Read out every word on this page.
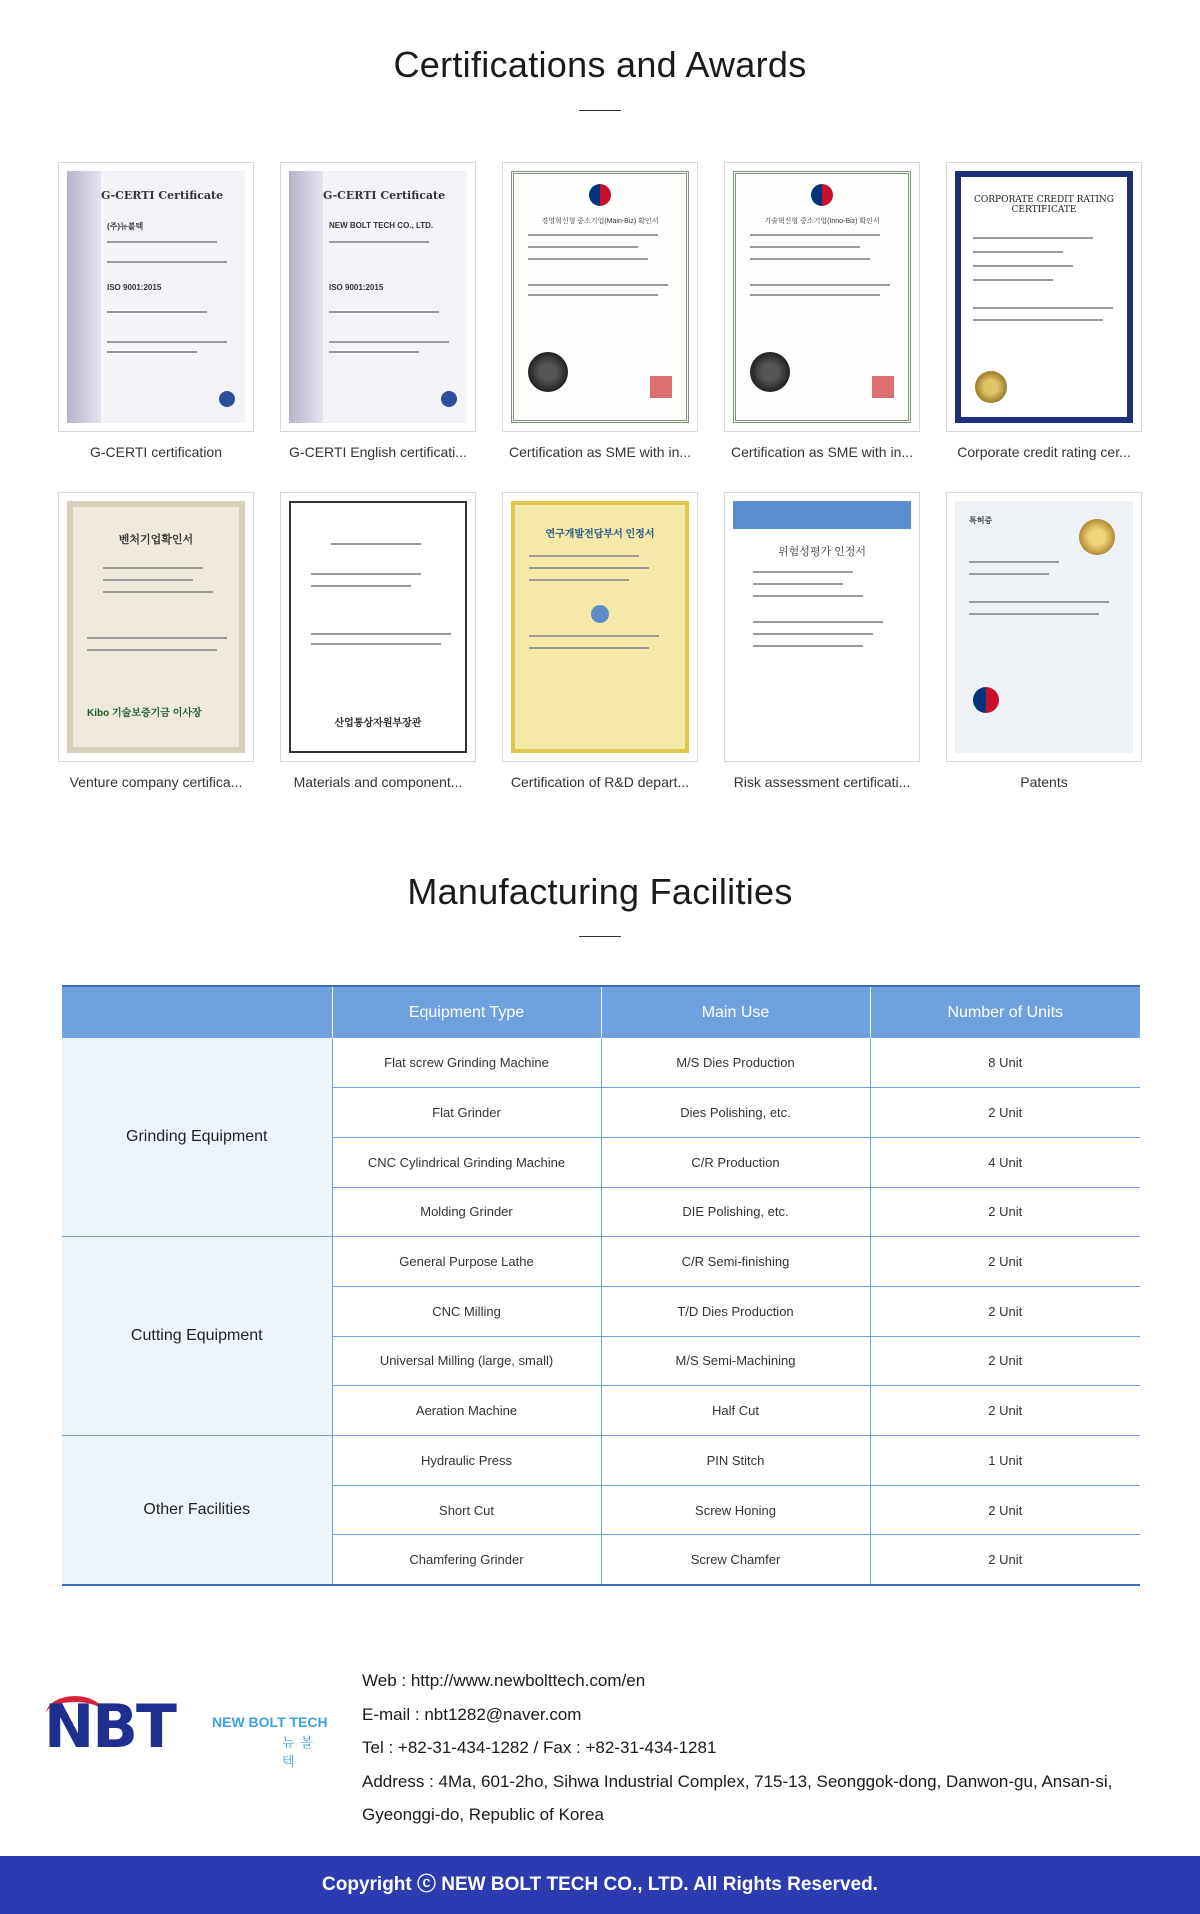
Certifications and Awards
G-CERTI Certificate
(주)뉴볼텍
ISO 9001:2015
G-CERTI certification
G-CERTI Certificate
NEW BOLT TECH CO., LTD.
ISO 9001:2015
G-CERTI English certificati...
경영혁신형 중소기업(Main-Biz) 확인서
Certification as SME with in...
기술혁신형 중소기업(Inno-Biz) 확인서
Certification as SME with in...
CORPORATE CREDIT RATING CERTIFICATE
Corporate credit rating cer...
벤처기업확인서
Kibo 기술보증기금 이사장
Venture company certifica...
산업통상자원부장관
Materials and component...
연구개발전담부서 인정서
Certification of R&D depart...
위험성평가 인정서
Risk assessment certificati...
특허증
Patents
Manufacturing Facilities
	Equipment Type	Main Use	Number of Units
Grinding Equipment	Flat screw Grinding Machine	M/S Dies Production	8 Unit
	Flat Grinder	Dies Polishing, etc.	2 Unit
	CNC Cylindrical Grinding Machine	C/R Production	4 Unit
	Molding Grinder	DIE Polishing, etc.	2 Unit
Cutting Equipment	General Purpose Lathe	C/R Semi-finishing	2 Unit
	CNC Milling	T/D Dies Production	2 Unit
	Universal Milling (large, small)	M/S Semi-Machining	2 Unit
	Aeration Machine	Half Cut	2 Unit
Other Facilities	Hydraulic Press	PIN Stitch	1 Unit
	Short Cut	Screw Honing	2 Unit
	Chamfering Grinder	Screw Chamfer	2 Unit
NBT	NEW BOLT TECH
뉴볼텍
Web : http://www.newbolttech.com/en
E-mail : nbt1282@naver.com
Tel : +82-31-434-1282 / Fax : +82-31-434-1281
Address : 4Ma, 601-2ho, Sihwa Industrial Complex, 715-13, Seonggok-dong, Danwon-gu, Ansan-si, Gyeonggi-do, Republic of Korea
Copyright ⓒ NEW BOLT TECH CO., LTD. All Rights Reserved.
